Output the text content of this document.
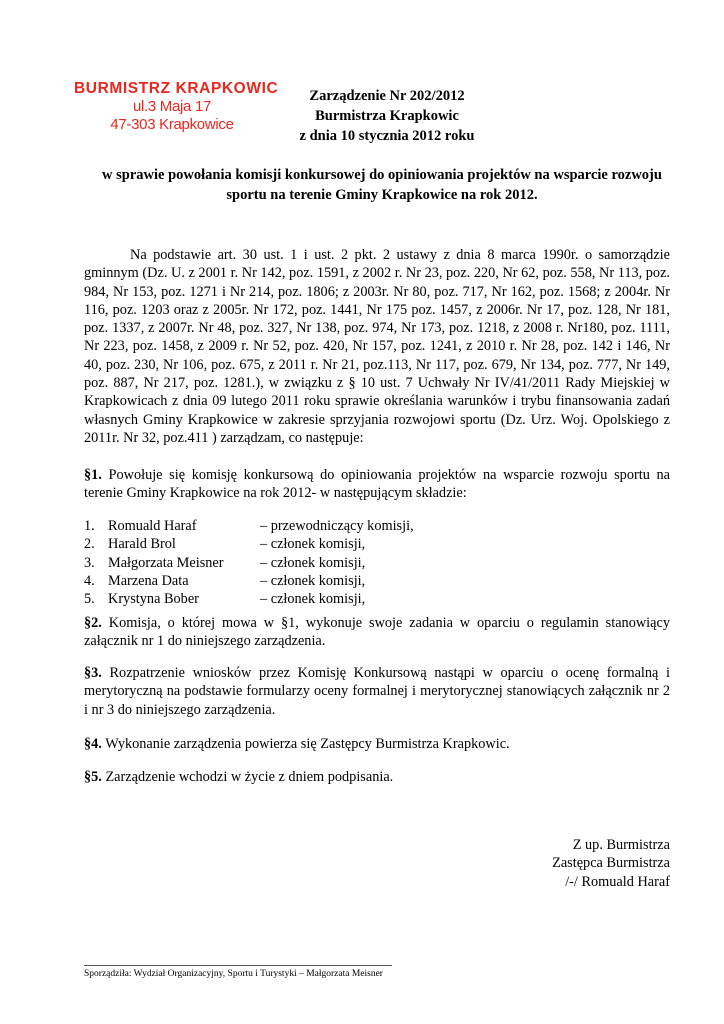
BURMISTRZ KRAPKOWIC
ul.3 Maja 17
47-303 Krapkowice
Zarządzenie Nr 202/2012
Burmistrza Krapkowic
z dnia 10 stycznia 2012 roku
w sprawie powołania komisji konkursowej do opiniowania projektów na wsparcie rozwoju sportu na terenie Gminy Krapkowice na rok 2012.
Na podstawie art. 30 ust. 1 i ust. 2 pkt. 2 ustawy z dnia 8 marca 1990r. o samorządzie gminnym (Dz. U. z 2001 r. Nr 142, poz. 1591, z 2002 r. Nr 23, poz. 220, Nr 62, poz. 558, Nr 113, poz. 984, Nr 153, poz. 1271 i Nr 214, poz. 1806; z 2003r. Nr 80, poz. 717, Nr 162, poz. 1568; z 2004r. Nr 116, poz. 1203 oraz z 2005r. Nr 172, poz. 1441, Nr 175 poz. 1457, z 2006r. Nr 17, poz. 128, Nr 181, poz. 1337, z 2007r. Nr 48, poz. 327, Nr 138, poz. 974, Nr 173, poz. 1218, z 2008 r. Nr180, poz. 1111, Nr 223, poz. 1458, z 2009 r. Nr 52, poz. 420, Nr 157, poz. 1241, z 2010 r. Nr 28, poz. 142 i 146, Nr 40, poz. 230, Nr 106, poz. 675, z 2011 r. Nr 21, poz.113, Nr 117, poz. 679, Nr 134, poz. 777, Nr 149, poz. 887, Nr 217, poz. 1281.), w związku z § 10 ust. 7 Uchwały Nr IV/41/2011 Rady Miejskiej w Krapkowicach z dnia 09 lutego 2011 roku sprawie określania warunków i trybu finansowania zadań własnych Gminy Krapkowice w zakresie sprzyjania rozwojowi sportu (Dz. Urz. Woj. Opolskiego z 2011r. Nr 32, poz.411 ) zarządzam, co następuje:
§1. Powołuje się komisję konkursową do opiniowania projektów na wsparcie rozwoju sportu na terenie Gminy Krapkowice na rok 2012- w następującym składzie:
1. Romuald Haraf	– przewodniczący komisji,
2. Harald Brol	– członek komisji,
3. Małgorzata Meisner	– członek komisji,
4. Marzena Data	– członek komisji,
5. Krystyna Bober	– członek komisji,
§2. Komisja, o której mowa w §1, wykonuje swoje zadania w oparciu o regulamin stanowiący załącznik nr 1 do niniejszego zarządzenia.
§3. Rozpatrzenie wniosków przez Komisję Konkursową nastąpi w oparciu o ocenę formalną i merytoryczną na podstawie formularzy oceny formalnej i merytorycznej stanowiących załącznik nr 2 i nr 3 do niniejszego zarządzenia.
§4. Wykonanie zarządzenia powierza się Zastępcy Burmistrza Krapkowic.
§5. Zarządzenie wchodzi w życie z dniem podpisania.
Z up. Burmistrza
Zastępca Burmistrza
/-/ Romuald Haraf
Sporządziła: Wydział Organizacyjny, Sportu i Turystyki – Małgorzata Meisner
